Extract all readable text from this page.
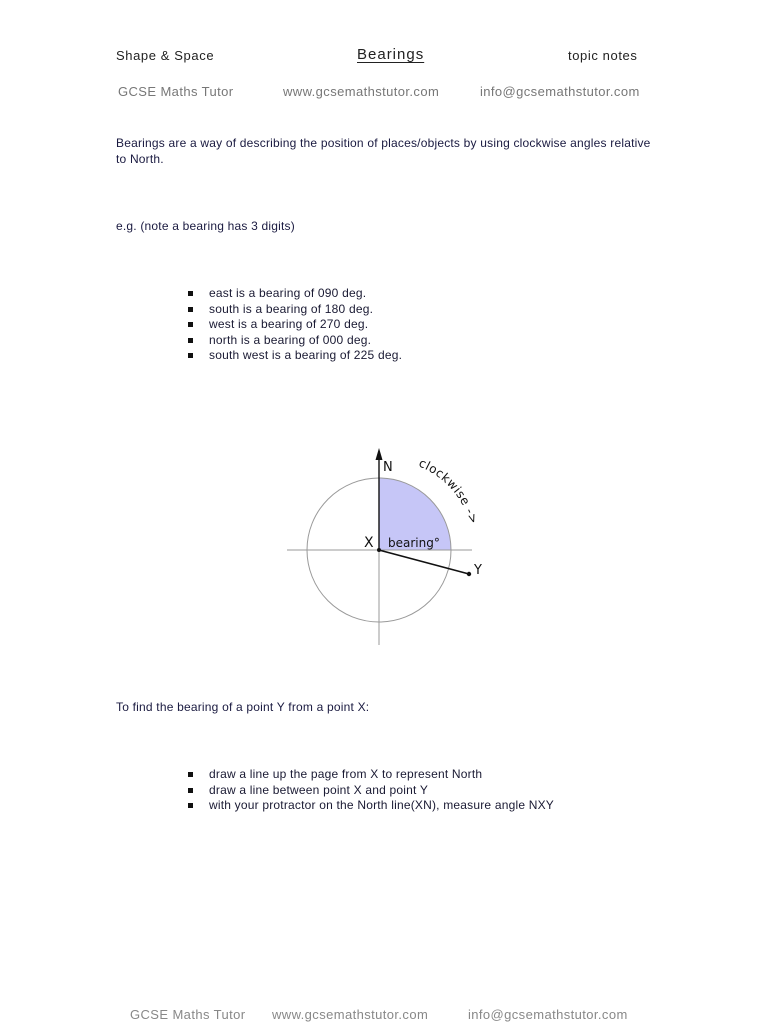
Shape & Space	Bearings	topic notes
GCSE Maths Tutor	www.gcsemathstutor.com	info@gcsemathstutor.com
Bearings are a way of describing the position of places/objects by using clockwise angles relative to North.
e.g. (note a bearing has 3 digits)
east is a bearing of 090 deg.
south is a bearing of 180 deg.
west is a bearing of 270 deg.
north is a bearing of 000 deg.
south west is a bearing of 225 deg.
N
X bearing°
Y
clockwise ->
To find the bearing of a point Y from a point X:
draw a line up the page from X to represent North
draw a line between point X and point Y
with your protractor on the North line(XN), measure angle NXY
GCSE Maths Tutor www.gcsemathstutor.com	info@gcsemathstutor.com
